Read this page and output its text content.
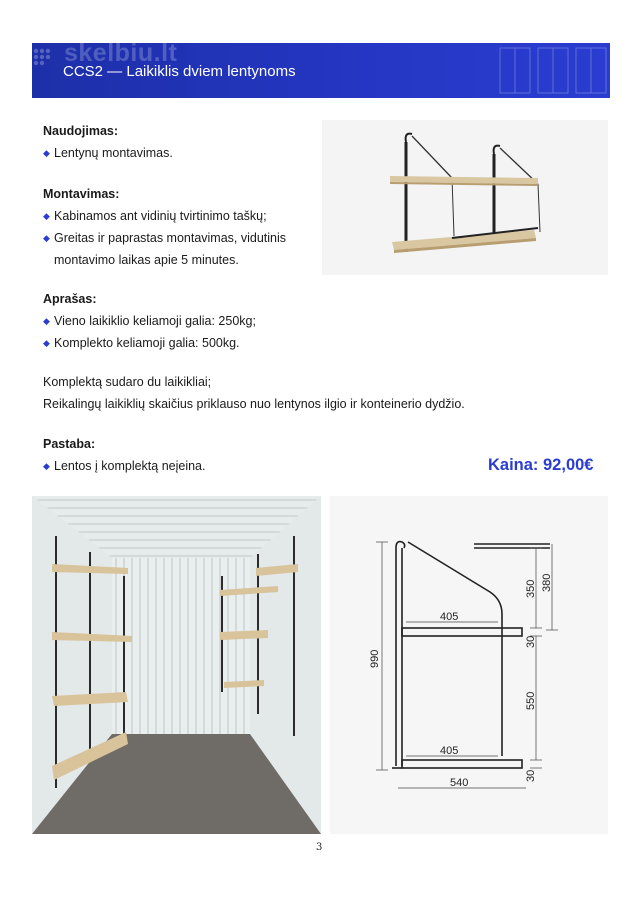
skelbiu.lt
CCS2 — Laikiklis dviem lentynoms
Naudojimas:
◆ Lentynų montavimas.
Montavimas:
◆ Kabinamos ant vidinių tvirtinimo taškų;
◆ Greitas ir paprastas montavimas, vidutinis
montavimo laikas apie 5 minutes.
Aprašas:
◆ Vieno laikiklio keliamoji galia: 250kg;
◆ Komplekto keliamoji galia: 500kg.
Komplektą sudaro du laikikliai;
Reikalingų laikiklių skaičius priklauso nuo lentynos ilgio ir konteinerio dydžio.
Pastaba:
◆ Lentos į komplektą neįeina.	Kaina: 92,00€
405
405
540
990
350 380
30
550
30
3
